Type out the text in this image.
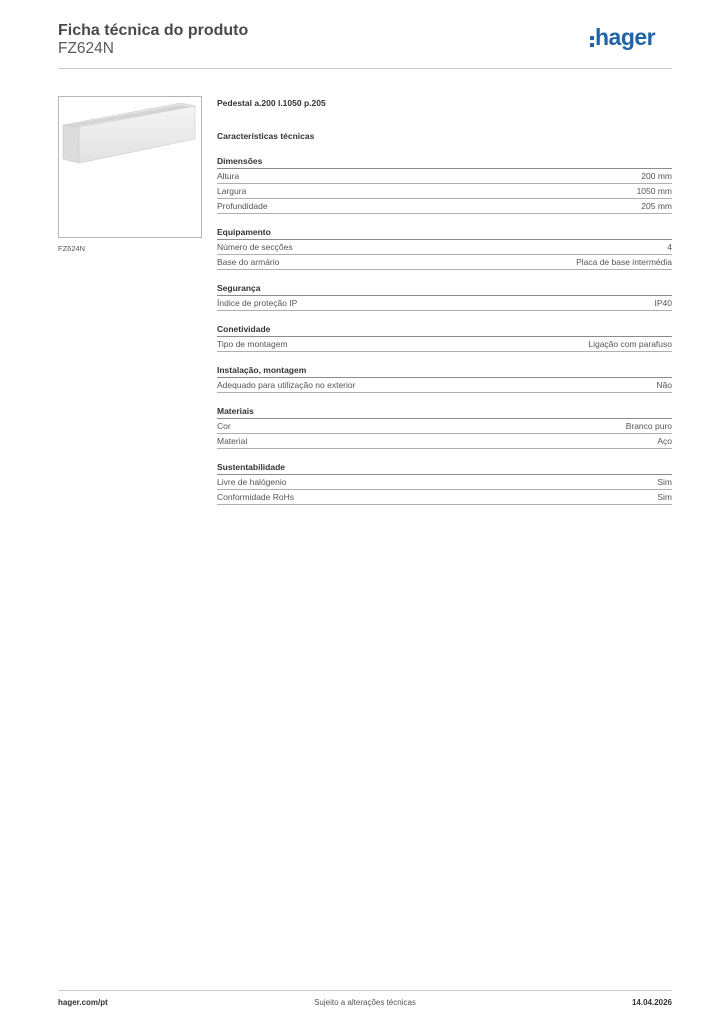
Ficha técnica do produto
FZ624N	hager
FZ624N
Pedestal a.200 l.1050 p.205
Características técnicas
Dimensões
Altura	200 mm
Largura	1050 mm
Profundidade	205 mm
Equipamento
Número de secções	4
Base do armário	Placa de base intermédia
Segurança
Índice de proteção IP	IP40
Conetividade
Tipo de montagem	Ligação com parafuso
Instalação, montagem
Adequado para utilização no exterior	Não
Materiais
Cor	Branco puro
Material	Aço
Sustentabilidade
Livre de halógenio	Sim
Conformidade RoHs	Sim
Sujeito a alterações técnicas
hager.com/pt	14.04.2026
